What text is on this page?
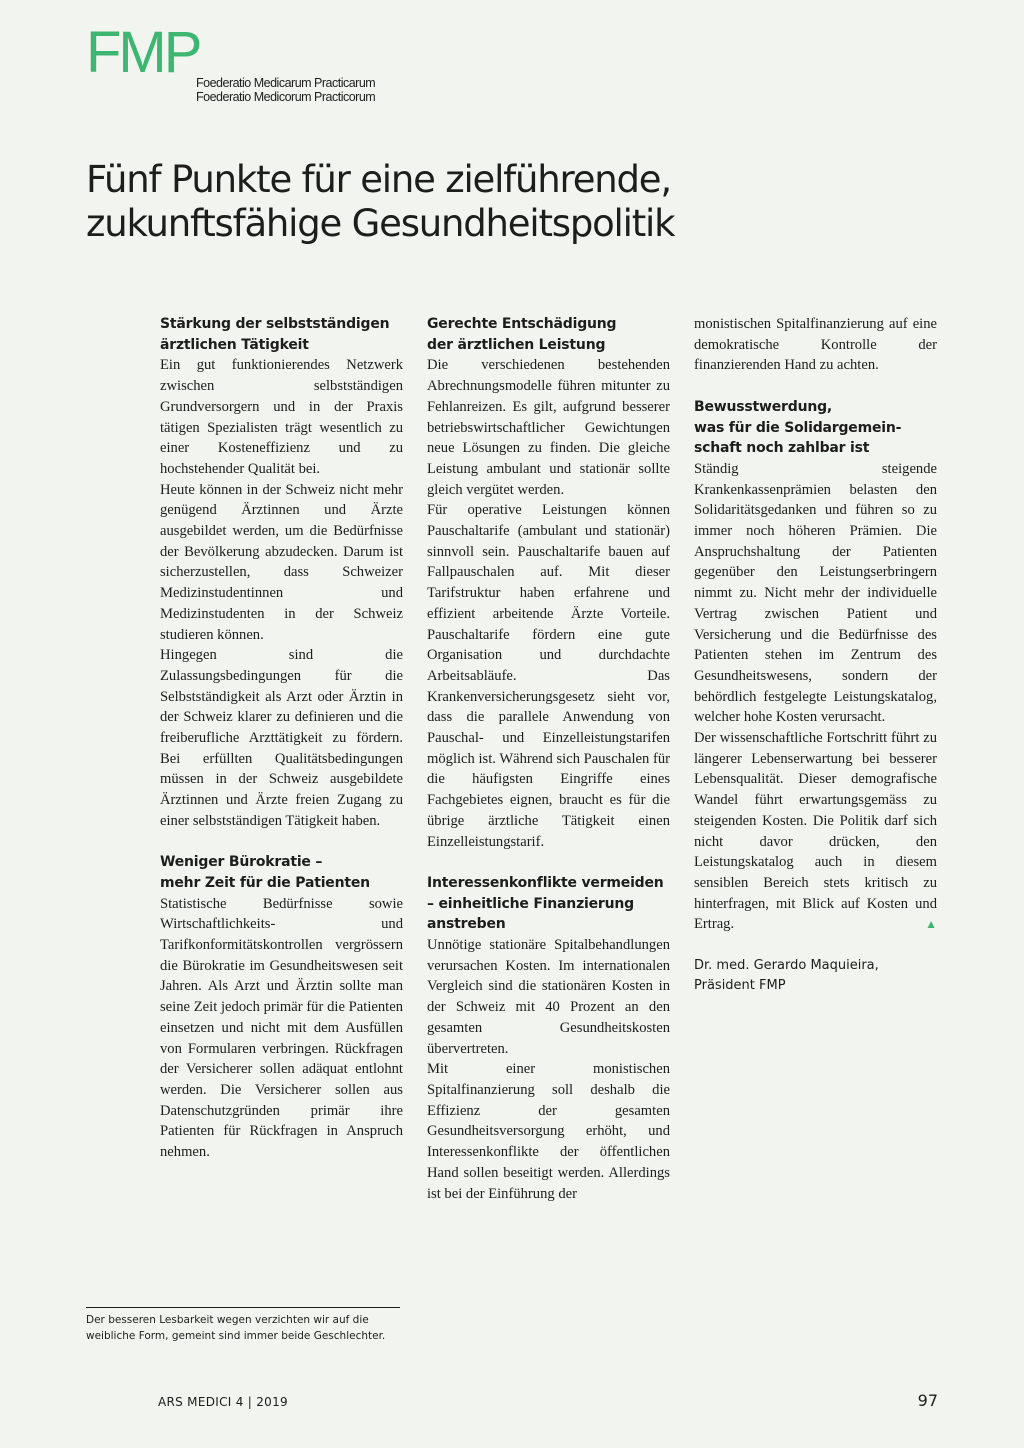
FMP
Foederatio Medicarum Practicarum
Foederatio Medicorum Practicorum
Fünf Punkte für eine zielführende,
zukunftsfähige Gesundheitspolitik
Stärkung der selbstständigen
ärztlichen Tätigkeit

Ein gut funktionierendes Netzwerk zwischen selbstständigen Grundversorgern und in der Praxis tätigen Spezialisten trägt wesentlich zu einer Kosteneffizienz und zu hochstehender Qualität bei.

Heute können in der Schweiz nicht mehr genügend Ärztinnen und Ärzte ausgebildet werden, um die Bedürfnisse der Bevölkerung abzudecken. Darum ist sicherzustellen, dass Schweizer Medizinstudentinnen und Medizinstudenten in der Schweiz studieren können.

Hingegen sind die Zulassungsbedingungen für die Selbstständigkeit als Arzt oder Ärztin in der Schweiz klarer zu definieren und die freiberufliche Arzttätigkeit zu fördern. Bei erfüllten Qualitätsbedingungen müssen in der Schweiz ausgebildete Ärztinnen und Ärzte freien Zugang zu einer selbstständigen Tätigkeit haben.

Weniger Bürokratie –
mehr Zeit für die Patienten

Statistische Bedürfnisse sowie Wirtschaftlichkeits- und Tarifkonformitätskontrollen vergrössern die Bürokratie im Gesundheitswesen seit Jahren. Als Arzt und Ärztin sollte man seine Zeit jedoch primär für die Patienten einsetzen und nicht mit dem Ausfüllen von Formularen verbringen. Rückfragen der Versicherer sollen adäquat entlohnt werden. Die Versicherer sollen aus Datenschutzgründen primär ihre Patienten für Rückfragen in Anspruch nehmen.

Gerechte Entschädigung
der ärztlichen Leistung

Die verschiedenen bestehenden Abrechnungsmodelle führen mitunter zu Fehlanreizen. Es gilt, aufgrund besserer betriebswirtschaftlicher Gewichtungen neue Lösungen zu finden. Die gleiche Leistung ambulant und stationär sollte gleich vergütet werden.

Für operative Leistungen können Pauschaltarife (ambulant und stationär) sinnvoll sein. Pauschaltarife bauen auf Fallpauschalen auf. Mit dieser Tarifstruktur haben erfahrene und effizient arbeitende Ärzte Vorteile. Pauschaltarife fördern eine gute Organisation und durchdachte Arbeitsabläufe. Das Krankenversicherungsgesetz sieht vor, dass die parallele Anwendung von Pauschal- und Einzelleistungstarifen möglich ist. Während sich Pauschalen für die häufigsten Eingriffe eines Fachgebietes eignen, braucht es für die übrige ärztliche Tätigkeit einen Einzelleistungstarif.

Interessenkonflikte vermeiden
– einheitliche Finanzierung
anstreben

Unnötige stationäre Spitalbehandlungen verursachen Kosten. Im internationalen Vergleich sind die stationären Kosten in der Schweiz mit 40 Prozent an den gesamten Gesundheitskosten übervertreten.

Mit einer monistischen Spitalfinanzierung soll deshalb die Effizienz der gesamten Gesundheitsversorgung erhöht, und Interessenkonflikte der öffentlichen Hand sollen beseitigt werden. Allerdings ist bei der Einführung der

monistischen Spitalfinanzierung auf eine demokratische Kontrolle der finanzierenden Hand zu achten.

Bewusstwerdung,
was für die Solidargemein-
schaft noch zahlbar ist

Ständig steigende Krankenkassenprämien belasten den Solidaritätsgedanken und führen so zu immer noch höheren Prämien. Die Anspruchshaltung der Patienten gegenüber den Leistungserbringern nimmt zu. Nicht mehr der individuelle Vertrag zwischen Patient und Versicherung und die Bedürfnisse des Patienten stehen im Zentrum des Gesundheitswesens, sondern der behördlich festgelegte Leistungskatalog, welcher hohe Kosten verursacht.

Der wissenschaftliche Fortschritt führt zu längerer Lebenserwartung bei besserer Lebensqualität. Dieser demografische Wandel führt erwartungsgemäss zu steigenden Kosten. Die Politik darf sich nicht davor drücken, den Leistungskatalog auch in diesem sensiblen Bereich stets kritisch zu hinterfragen, mit Blick auf Kosten und Ertrag.	▲

Dr. med. Gerardo Maquieira,

Präsident FMP

Der besseren Lesbarkeit wegen verzichten wir auf die weibliche Form, gemeint sind immer beide Geschlechter.
ARS MEDICI 4 | 2019	97
